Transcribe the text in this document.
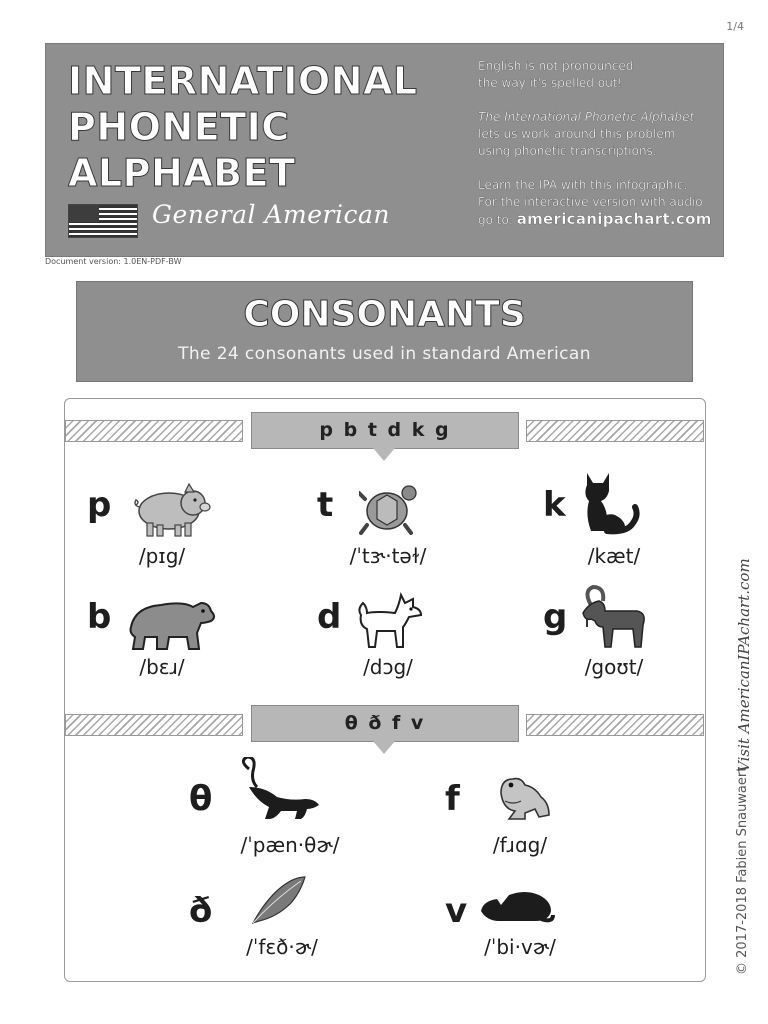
1/4
INTERNATIONAL
PHONETIC
ALPHABET
General American

English is not pronounced
the way it's spelled out!

The International Phonetic Alphabet
lets us work around this problem
using phonetic transcriptions.

Learn the IPA with this infographic.
For the interactive version with audio
go to: americanipachart.com

Document version: 1.0EN-PDF-BW
CONSONANTS
The 24 consonants used in standard American
p b t d k g
p
/pɪg/
t
/ˈtɝ·təɫ/
k
/kæt/
b
/bɛɹ/
d
/dɔg/
g
/goʊt/
θ ð f v
θ
/ˈpæn·θɚ/
f
/fɹɑg/
ð
/ˈfɛð·ɚ/
v
/ˈbi·vɚ/
Visit AmericanIPAchart.com
© 2017-2018 Fabien Snauwaert
